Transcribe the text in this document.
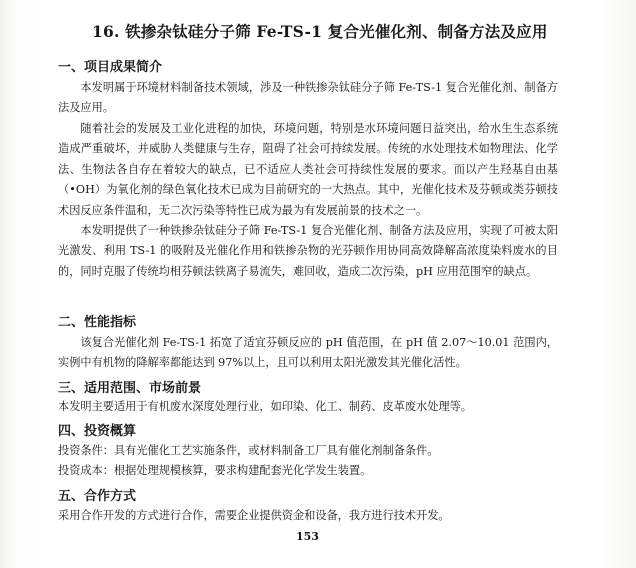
16. 铁掺杂钛硅分子筛 Fe-TS-1 复合光催化剂、制备方法及应用
一、项目成果简介
本发明属于环境材料制备技术领域，涉及一种铁掺杂钛硅分子筛 Fe-TS-1 复合光催化剂、制备方法及应用。
随着社会的发展及工业化进程的加快，环境问题，特别是水环境问题日益突出，给水生生态系统造成严重破坏，并威胁人类健康与生存，阻碍了社会可持续发展。传统的水处理技术如物理法、化学法、生物法各自存在着较大的缺点，已不适应人类社会可持续性发展的要求。而以产生羟基自由基（•OH）为氧化剂的绿色氧化技术已成为目前研究的一大热点。其中，光催化技术及芬顿或类芬顿技术因反应条件温和，无二次污染等特性已成为最为有发展前景的技术之一。
本发明提供了一种铁掺杂钛硅分子筛 Fe-TS-1 复合光催化剂、制备方法及应用，实现了可被太阳光激发、利用 TS-1 的吸附及光催化作用和铁掺杂物的光芬顿作用协同高效降解高浓度染料废水的目的，同时克服了传统均相芬顿法铁离子易流失，难回收，造成二次污染，pH 应用范围窄的缺点。
二、性能指标
该复合光催化剂 Fe-TS-1 拓宽了适宜芬顿反应的 pH 值范围，在 pH 值 2.07～10.01 范围内，实例中有机物的降解率都能达到 97%以上，且可以利用太阳光激发其光催化活性。
三、适用范围、市场前景
本发明主要适用于有机废水深度处理行业，如印染、化工、制药、皮革废水处理等。
四、投资概算
投资条件：具有光催化工艺实施条件，或材料制备工厂具有催化剂制备条件。
投资成本：根据处理规模核算，要求构建配套光化学发生装置。
五、合作方式
采用合作开发的方式进行合作，需要企业提供资金和设备，我方进行技术开发。
153
